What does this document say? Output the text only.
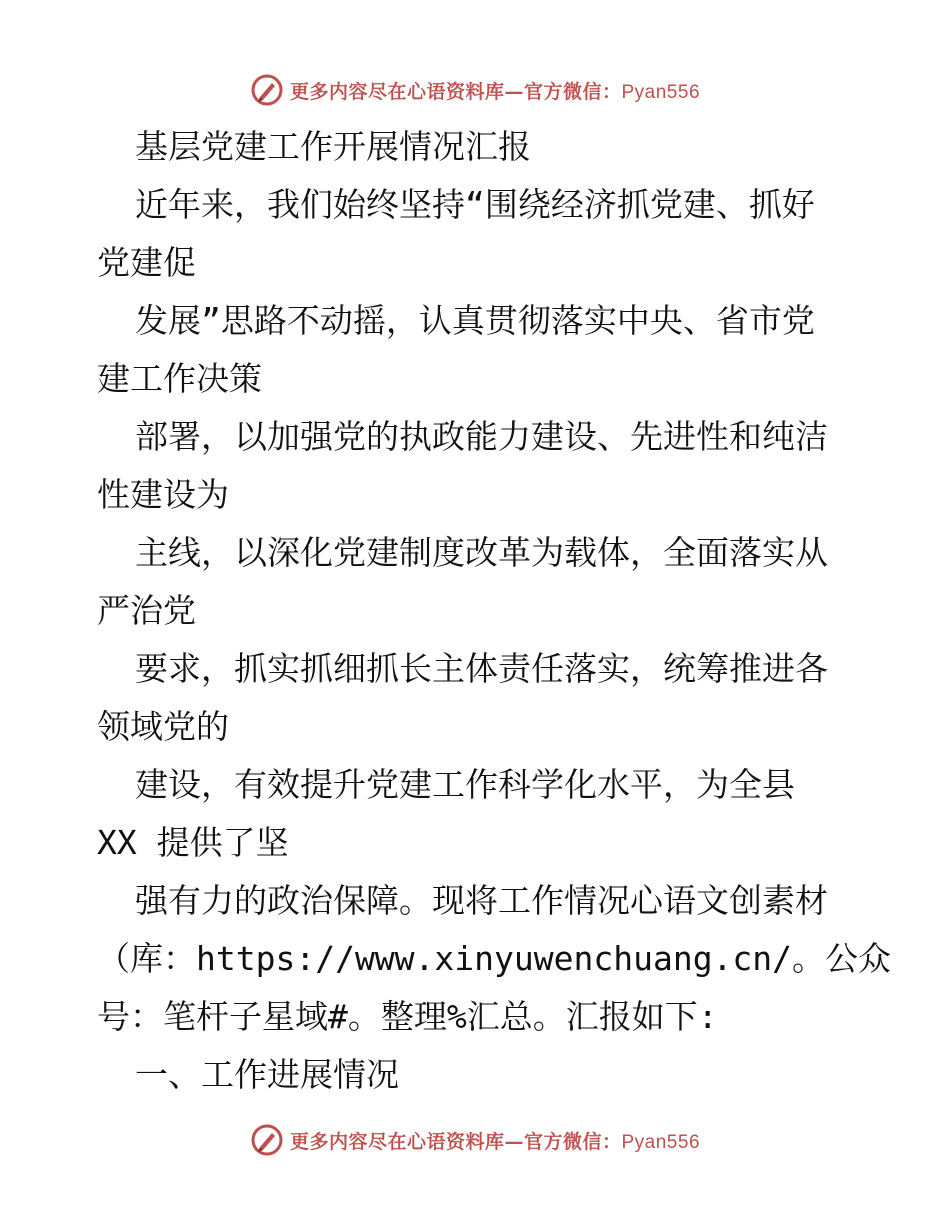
更多内容尽在心语资料库—官方微信：Pyan556

基层党建工作开展情况汇报

近年来，我们始终坚持“围绕经济抓党建、抓好

党建促

发展”思路不动摇，认真贯彻落实中央、省市党

建工作决策

部署，以加强党的执政能力建设、先进性和纯洁

性建设为

主线，以深化党建制度改革为载体，全面落实从

严治党

要求，抓实抓细抓长主体责任落实，统筹推进各

领域党的

建设，有效提升党建工作科学化水平，为全县

XX 提供了坚

强有力的政治保障。现将工作情况心语文创素材

（库：https://www.xinyuwenchuang.cn/。公众

号：笔杆子星域#。整理%汇总。汇报如下:

一、工作进展情况

更多内容尽在心语资料库—官方微信：Pyan556
